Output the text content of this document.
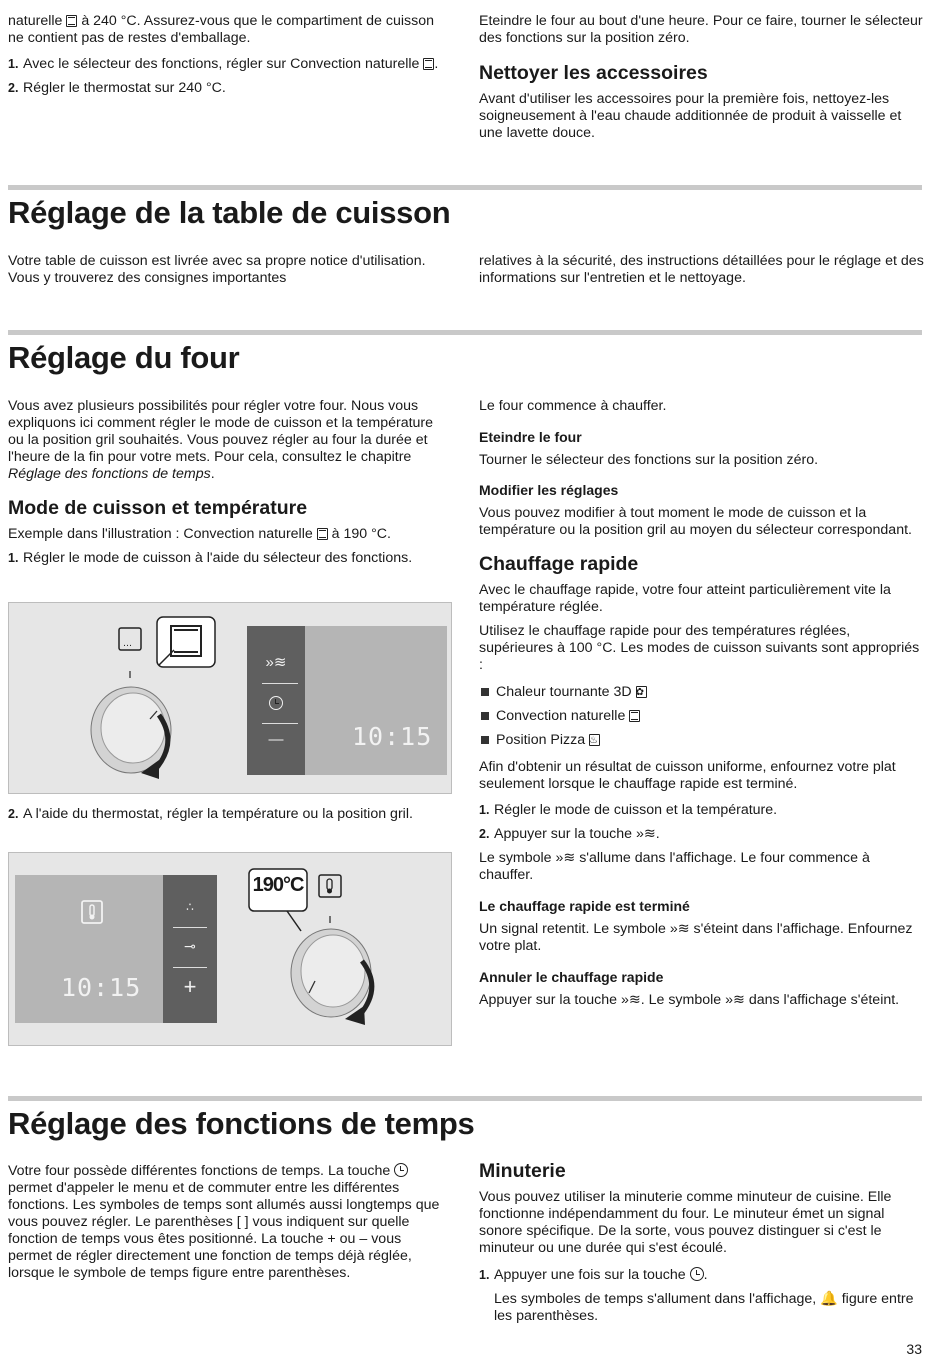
naturelle  à 240 °C. Assurez-vous que le compartiment de cuisson ne contient pas de restes d'emballage.

1. Avec le sélecteur des fonctions, régler sur Convection naturelle .
2. Régler le thermostat sur 240 °C.

Eteindre le four au bout d'une heure. Pour ce faire, tourner le sélecteur des fonctions sur la position zéro.

Nettoyer les accessoires

Avant d'utiliser les accessoires pour la première fois, nettoyez-les soigneusement à l'eau chaude additionnée de produit à vaisselle et une lavette douce.

Réglage de la table de cuisson

Votre table de cuisson est livrée avec sa propre notice d'utilisation. Vous y trouverez des consignes importantes

relatives à la sécurité, des instructions détaillées pour le réglage et des informations sur l'entretien et le nettoyage.

Réglage du four

Vous avez plusieurs possibilités pour régler votre four. Nous vous expliquons ici comment régler le mode de cuisson et la température ou la position gril souhaités. Vous pouvez régler au four la durée et l'heure de la fin pour votre mets. Pour cela, consultez le chapitre Réglage des fonctions de temps.

Mode de cuisson et température

Exemple dans l'illustration : Convection naturelle  à 190 °C.

1. Régler le mode de cuisson à l'aide du sélecteur des fonctions.
…
»≋
—	10:15
2. A l'aide du thermostat, régler la température ou la position gril.
10:15
∴
⊸
+
190°C

Le four commence à chauffer.

Eteindre le four

Tourner le sélecteur des fonctions sur la position zéro.

Modifier les réglages

Vous pouvez modifier à tout moment le mode de cuisson et la température ou la position gril au moyen du sélecteur correspondant.

Chauffage rapide

Avec le chauffage rapide, votre four atteint particulièrement vite la température réglée.

Utilisez le chauffage rapide pour des températures réglées, supérieures à 100 °C. Les modes de cuisson suivants sont appropriés :

Chaleur tournante 3D ✿
Convection naturelle
Position Pizza ♨

Afin d'obtenir un résultat de cuisson uniforme, enfournez votre plat seulement lorsque le chauffage rapide est terminé.

1. Régler le mode de cuisson et la température.
2. Appuyer sur la touche »≋.

Le symbole »≋ s'allume dans l'affichage. Le four commence à chauffer.

Le chauffage rapide est terminé

Un signal retentit. Le symbole »≋ s'éteint dans l'affichage. Enfournez votre plat.

Annuler le chauffage rapide

Appuyer sur la touche »≋. Le symbole »≋ dans l'affichage s'éteint.

Réglage des fonctions de temps

Votre four possède différentes fonctions de temps. La touche  permet d'appeler le menu et de commuter entre les différentes fonctions. Les symboles de temps sont allumés aussi longtemps que vous pouvez régler. Le parenthèses [ ] vous indiquent sur quelle fonction de temps vous êtes positionné. La touche + ou – vous permet de régler directement une fonction de temps déjà réglée, lorsque le symbole de temps figure entre parenthèses.

Minuterie

Vous pouvez utiliser la minuterie comme minuteur de cuisine. Elle fonctionne indépendamment du four. Le minuteur émet un signal sonore spécifique. De la sorte, vous pouvez distinguer si c'est le minuteur ou une durée qui s'est écoulé.

1. Appuyer une fois sur la touche .

Les symboles de temps s'allument dans l'affichage, 🔔 figure entre les parenthèses.

33
